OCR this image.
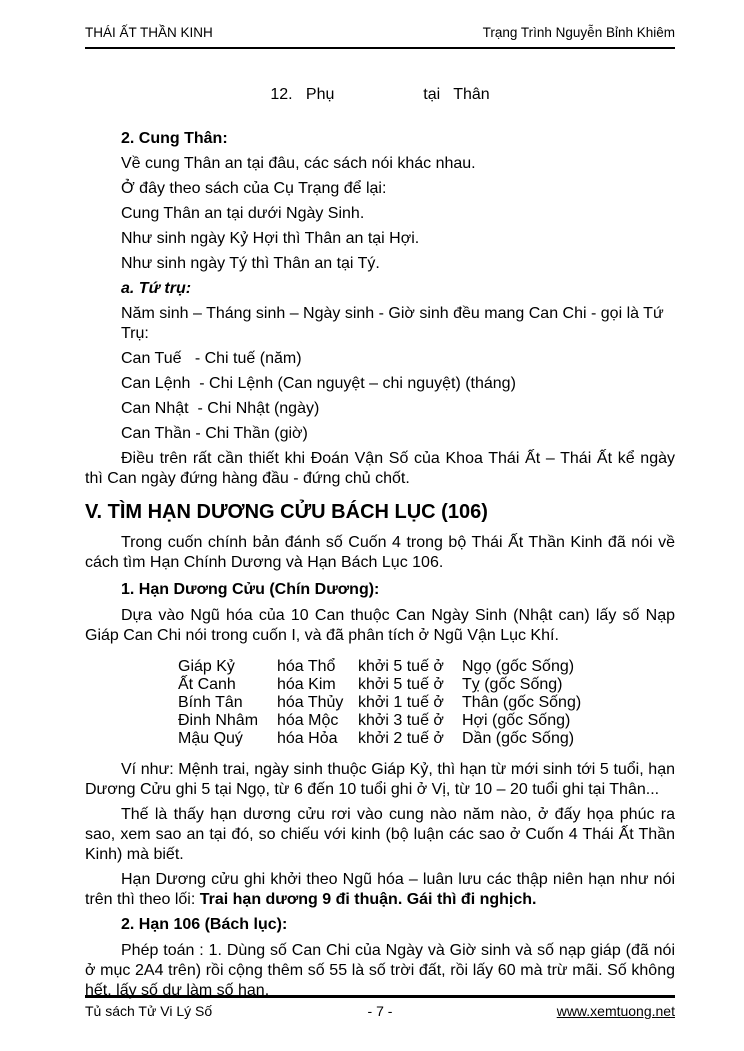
THÁI ẤT THẦN KINH	Trạng Trình Nguyễn Bỉnh Khiêm
12.   Phụ                    tại   Thân
2. Cung Thân:
Về cung Thân an tại đâu, các sách nói khác nhau.
Ở đây theo sách của Cụ Trạng để lại:
Cung Thân an tại dưới Ngày Sinh.
Như sinh ngày Kỷ Hợi thì Thân an tại Hợi.
Như sinh ngày Tý thì Thân an tại Tý.
a. Tứ trụ:
Năm sinh – Tháng sinh – Ngày sinh - Giờ sinh đều mang Can Chi - gọi là Tứ Trụ:
Can Tuế   - Chi tuế (năm)
Can Lệnh  - Chi Lệnh (Can nguyệt – chi nguyệt) (tháng)
Can Nhật  - Chi Nhật (ngày)
Can Thần - Chi Thần (giờ)
Điều trên rất cần thiết khi Đoán Vận Số của Khoa Thái Ất – Thái Ất kể ngày thì Can ngày đứng hàng đầu - đứng chủ chốt.
V. TÌM HẠN DƯƠNG CỬU BÁCH LỤC (106)
Trong cuốn chính bản đánh số Cuốn 4 trong bộ Thái Ất Thần Kinh đã nói về cách tìm Hạn Chính Dương và Hạn Bách Lục 106.
1. Hạn Dương Cửu (Chín Dương):
Dựa vào Ngũ hóa của 10 Can thuộc Can Ngày Sinh (Nhật can) lấy số Nạp Giáp Can Chi nói trong cuốn I, và đã phân tích ở Ngũ Vận Lục Khí.
Giáp Kỷ	hóa Thổ	khởi 5 tuế ở	Ngọ (gốc Sống)
Ất Canh	hóa Kim	khởi 5 tuế ở	Tỵ (gốc Sống)
Bính Tân	hóa Thủy khởi 1 tuế ở	Thân (gốc Sống)
Đinh Nhâm	hóa Mộc	khởi 3 tuế ở	Hợi (gốc Sống)
Mậu Quý	hóa Hỏa	khởi 2 tuế ở	Dần (gốc Sống)
Ví như: Mệnh trai, ngày sinh thuộc Giáp Kỷ, thì hạn từ mới sinh tới 5 tuổi, hạn Dương Cửu ghi 5 tại Ngọ, từ 6 đến 10 tuổi ghi ở Vị, từ 10 – 20 tuổi ghi tại Thân...
Thế là thấy hạn dương cửu rơi vào cung nào năm nào, ở đấy họa phúc ra sao, xem sao an tại đó, so chiếu với kinh (bộ luận các sao ở Cuốn 4 Thái Ất Thần Kinh) mà biết.
Hạn Dương cửu ghi khởi theo Ngũ hóa – luân lưu các thập niên hạn như nói trên thì theo lối: Trai hạn dương 9 đi thuận. Gái thì đi nghịch.
2. Hạn 106 (Bách lục):
Phép toán : 1. Dùng số Can Chi của Ngày và Giờ sinh và số nạp giáp (đã nói ở mục 2A4 trên) rồi cộng thêm số 55 là số trời đất, rồi lấy 60 mà trừ mãi. Số không hết, lấy số dư làm số hạn.
Tủ sách Tử Vi Lý Số	- 7 -	www.xemtuong.net
